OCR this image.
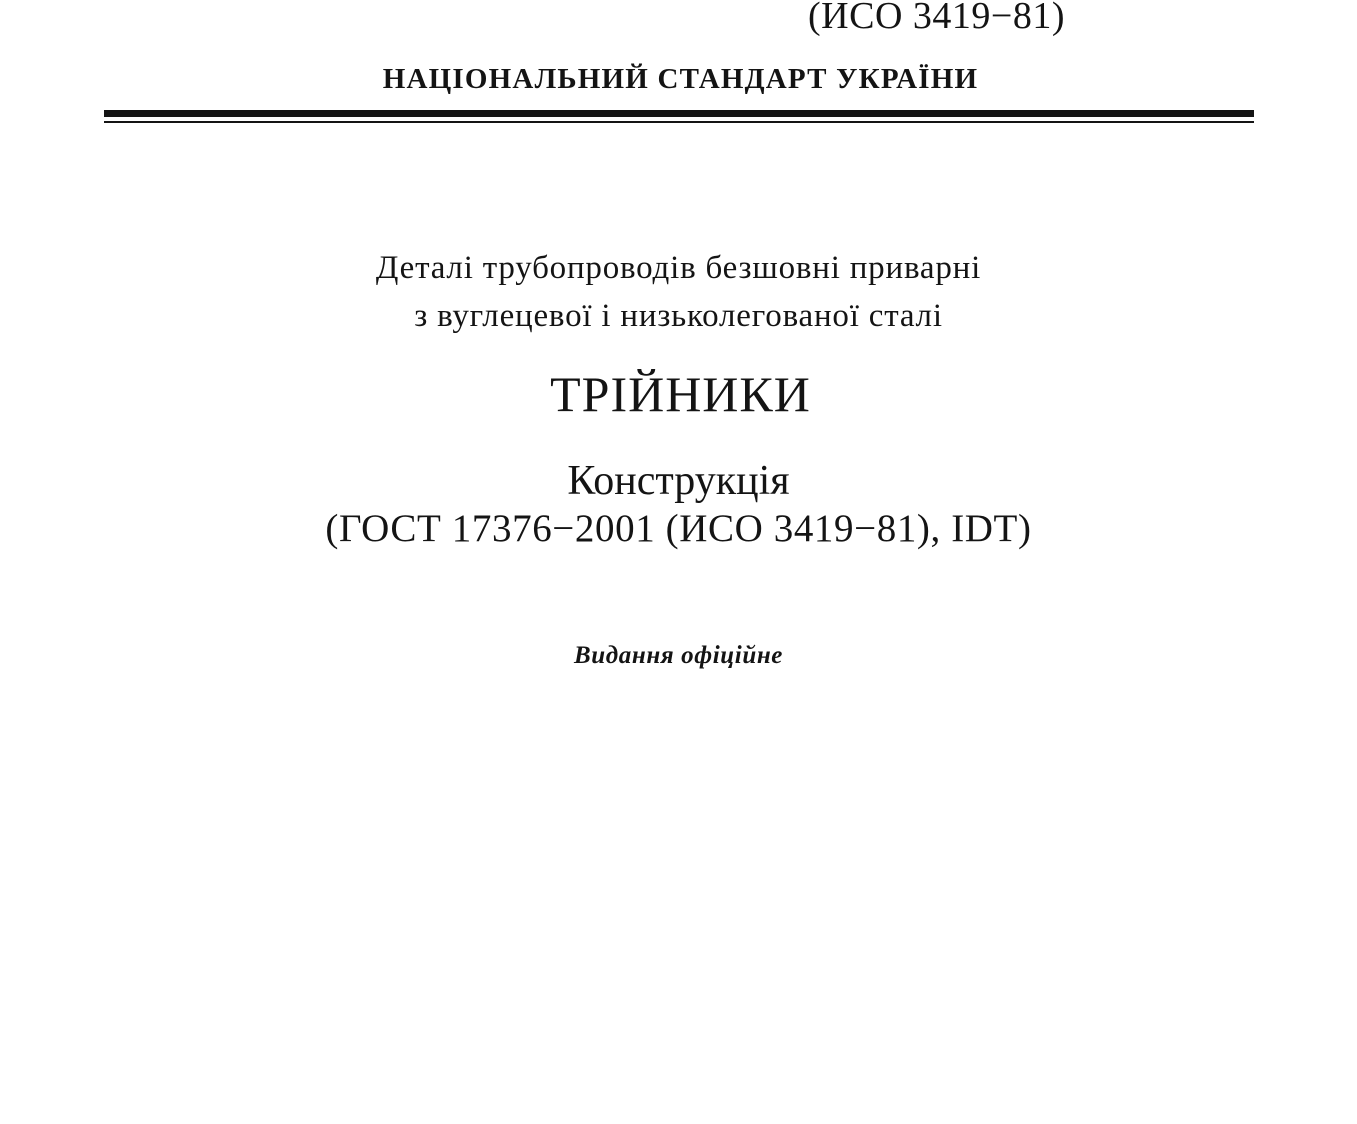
(ИСО 3419−81)
НАЦІОНАЛЬНИЙ СТАНДАРТ УКРАЇНИ
Деталі трубопроводів безшовні приварні
з вуглецевої і низьколегованої сталі
ТРІЙНИКИ
Конструкція
(ГОСТ 17376−2001 (ИСО 3419−81), IDT)
Видання офіційне
